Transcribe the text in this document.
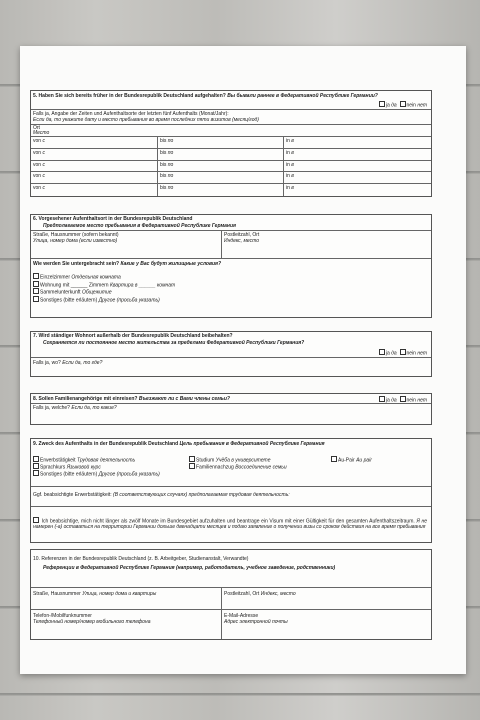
5. Haben Sie sich bereits früher in der Bundesrepublik Deutschland aufgehalten? Вы бывали раннее в Федеративной Республике Германии?
ja да nein нет
Falls ja, Angabe der Zeiten und Aufenthaltsorte der letzten fünf Aufenthalts (Monat/Jahr):
Если да, то укажите дату и место пребывания во время последних пяти визитов (месяц/год)
Ort
Место
von с	bis по	in в
von с	bis по	in в
von с	bis по	in в
von с	bis по	in в
von с	bis по	in в
6. Vorgesehener Aufenthaltsort in der Bundesrepublik Deutschland
Предполагаемое место пребывания в Федеративной Республике Германия
Straße, Hausnummer (sofern bekannt)
Улица, номер дома (если известно)
Postleitzahl, Ort
Индекс, место
Wie werden Sie untergebracht sein? Какие у Вас будут жилищные условия?
Einzelzimmer Отдельная комната
Wohnung mit ______ Zimmern Квартира в ______ комнат
Sammelunterkunft Общежитие
Sonstiges (bitte erläutern) Другое (просьба указать)
7. Wird ständiger Wohnort außerhalb der Bundesrepublik Deutschland beibehalten?
Сохраняется ли постоянное место жительства за пределами Федеративной Республики Германия?
ja да nein нет
Falls ja, wo? Если да, то где?
8. Sollen Familienangehörige mit einreisen? Въезжают ли с Вами члены семьи?	ja да nein нет
Falls ja, welche? Если да, то какие?
9. Zweck des Aufenthalts in der Bundesrepublik Deutschland Цель пребывания в Федеративной Республике Германия
Erwerbstätigkeit Трудовая деятельность	Studium Учёба в университете	Au-Pair Au pair
Sprachkurs Языковой курс	Familiennachzug Воссоединение семьи
Sonstiges (bitte erläutern) Другое (просьба указать)
Ggf. beabsichtigte Erwerbstätigkeit: (В соответствующих случаях) предполагаемая трудовая деятельность:
Ich beabsichtige, mich nicht länger als zwölf Monate im Bundesgebiet aufzuhalten und beantrage ein Visum mit einer Gültigkeit für den gesamten Aufenthaltszeitraum. Я не намерен (-а) оставаться на территории Германии дольше двенадцати месяцев и подаю заявление о получении визы со сроком действия на все время пребывания
10. Referenzen in der Bundesrepublik Deutschland (z. B. Arbeitgeber, Studienanstalt, Verwandte)
Референции в Федеративной Республике Германия (например, работодатель, учебное заведение, родственники)
Straße, Hausnummer Улица, номер дома и квартиры	Postleitzahl, Ort Индекс, место
Telefon-/Mobilfunknummer
Телефонный номер/номер мобильного телефона
E-Mail-Adresse
Адрес электронной почты
